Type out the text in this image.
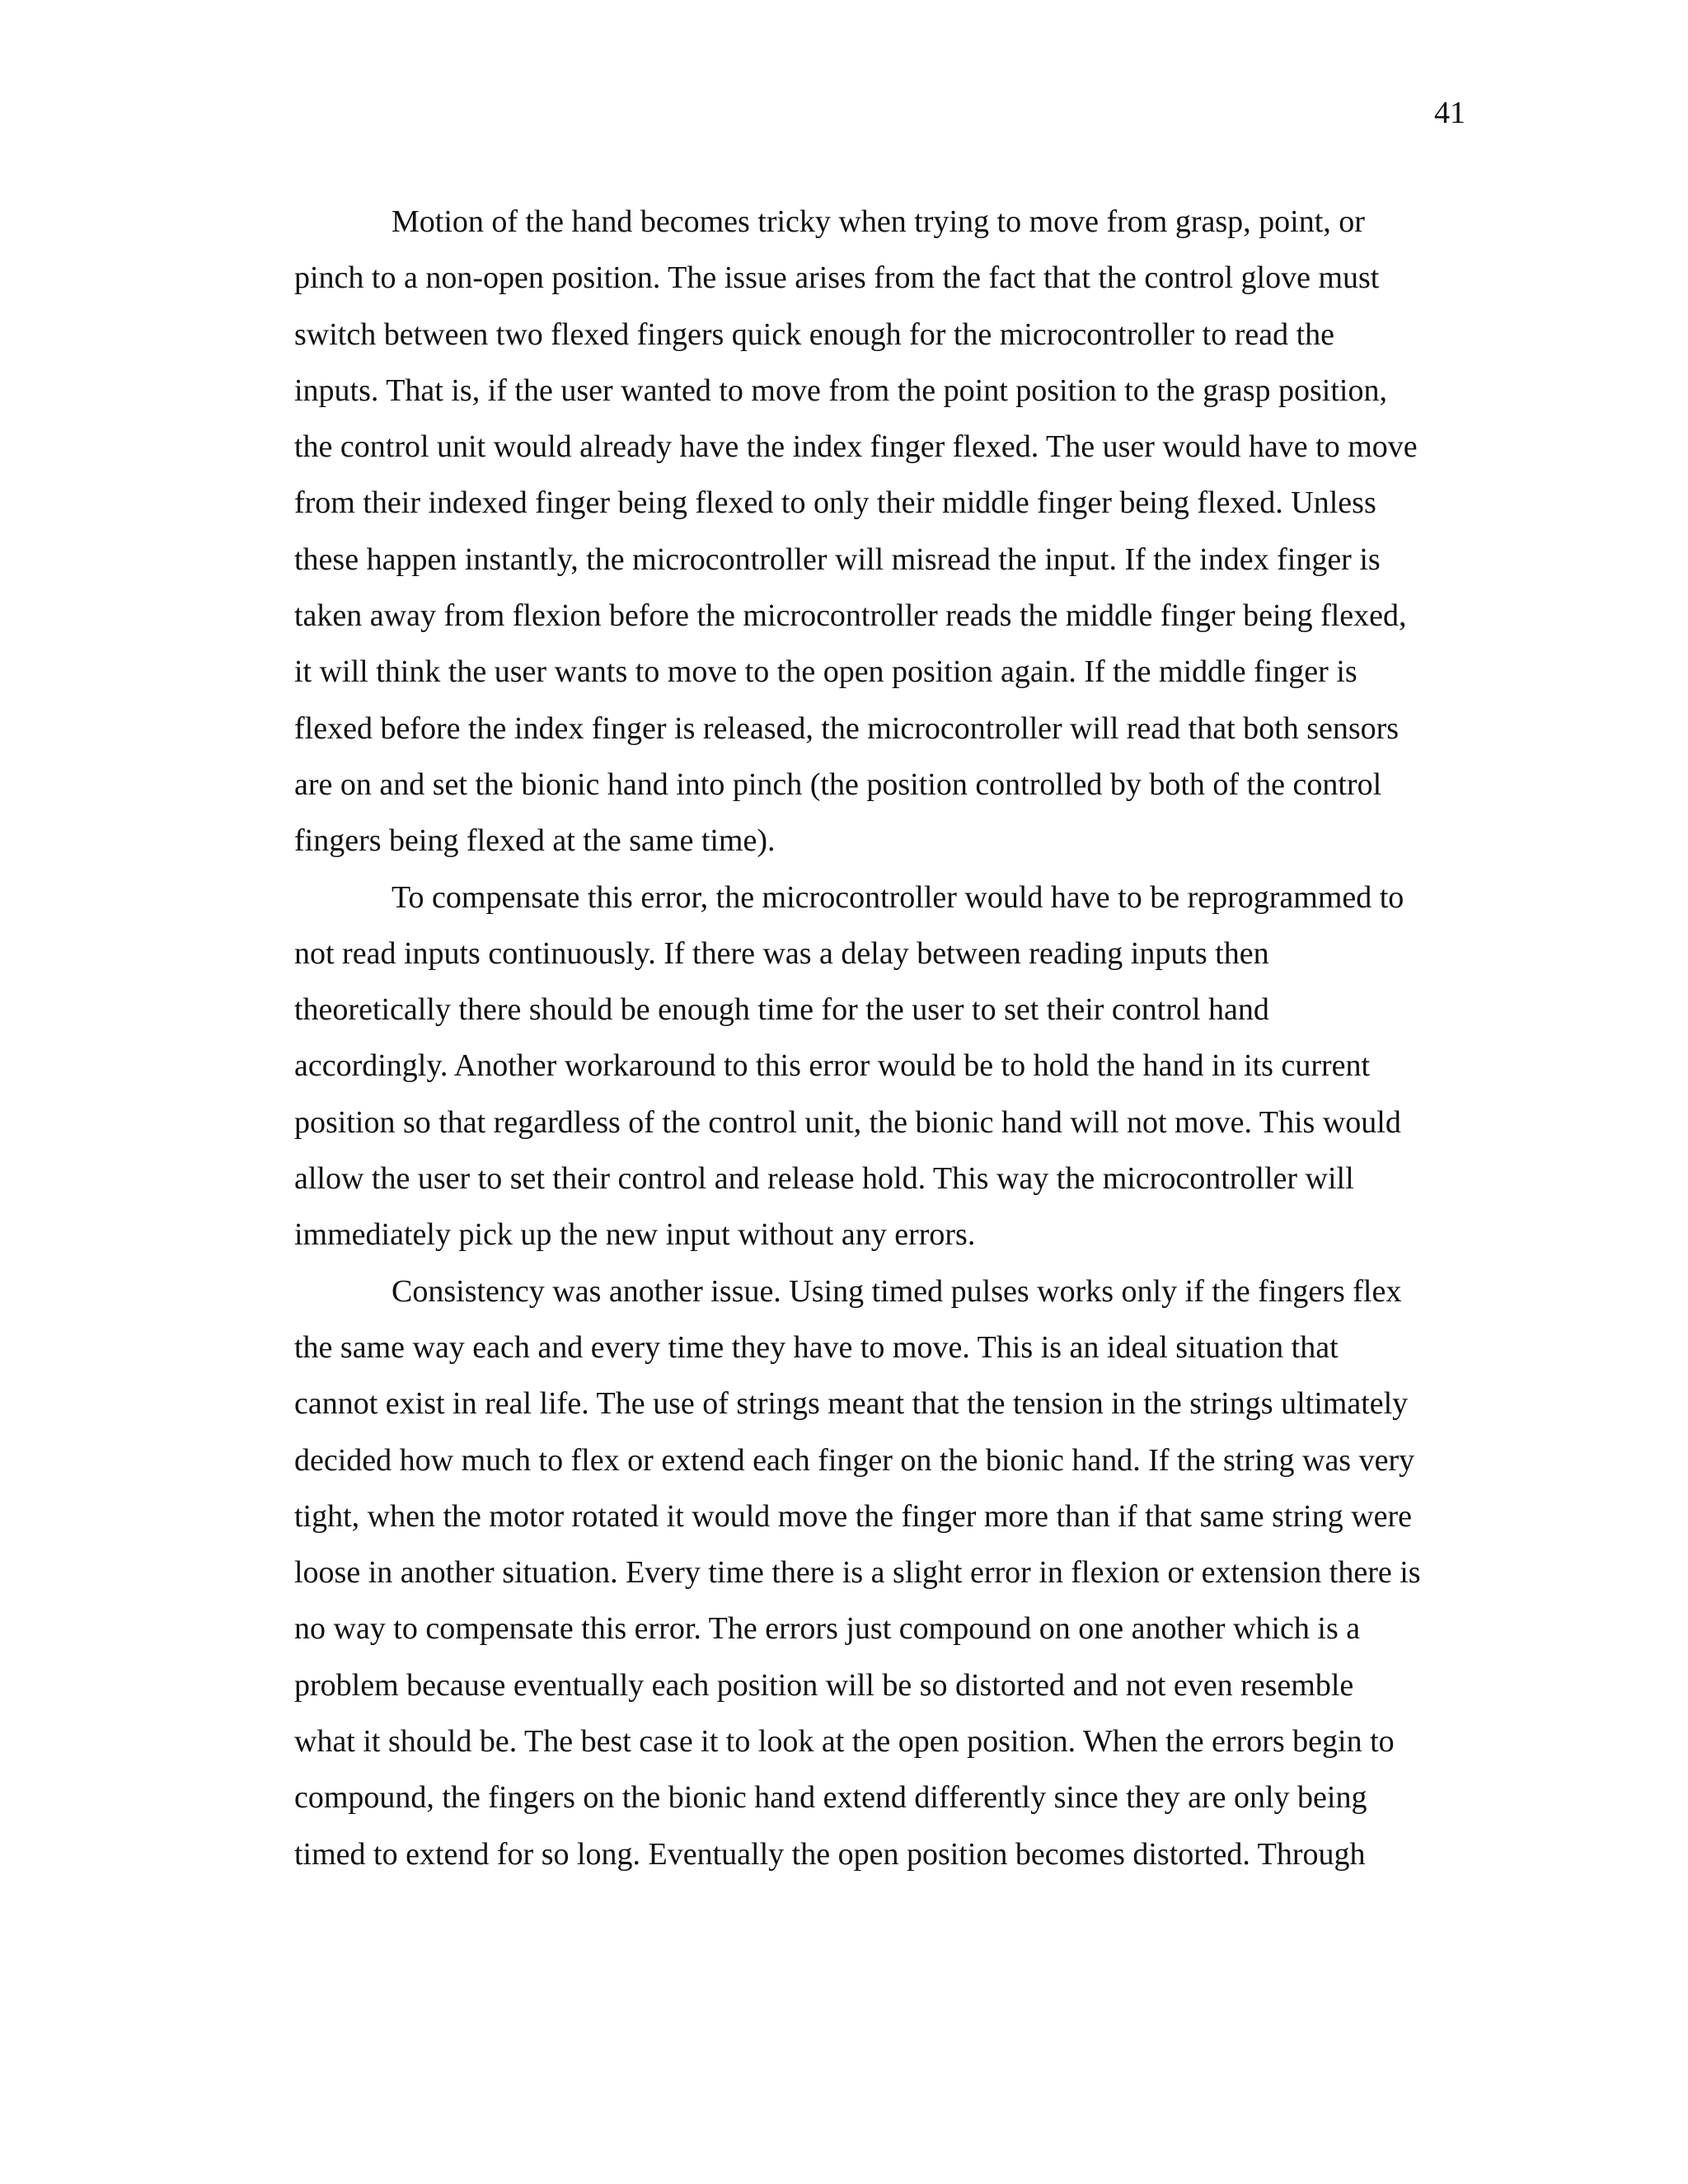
41
Motion of the hand becomes tricky when trying to move from grasp, point, or
pinch to a non-open position. The issue arises from the fact that the control glove must
switch between two flexed fingers quick enough for the microcontroller to read the
inputs. That is, if the user wanted to move from the point position to the grasp position,
the control unit would already have the index finger flexed. The user would have to move
from their indexed finger being flexed to only their middle finger being flexed. Unless
these happen instantly, the microcontroller will misread the input. If the index finger is
taken away from flexion before the microcontroller reads the middle finger being flexed,
it will think the user wants to move to the open position again. If the middle finger is
flexed before the index finger is released, the microcontroller will read that both sensors
are on and set the bionic hand into pinch (the position controlled by both of the control
fingers being flexed at the same time).
To compensate this error, the microcontroller would have to be reprogrammed to
not read inputs continuously. If there was a delay between reading inputs then
theoretically there should be enough time for the user to set their control hand
accordingly. Another workaround to this error would be to hold the hand in its current
position so that regardless of the control unit, the bionic hand will not move. This would
allow the user to set their control and release hold. This way the microcontroller will
immediately pick up the new input without any errors.
Consistency was another issue. Using timed pulses works only if the fingers flex
the same way each and every time they have to move. This is an ideal situation that
cannot exist in real life. The use of strings meant that the tension in the strings ultimately
decided how much to flex or extend each finger on the bionic hand. If the string was very
tight, when the motor rotated it would move the finger more than if that same string were
loose in another situation. Every time there is a slight error in flexion or extension there is
no way to compensate this error. The errors just compound on one another which is a
problem because eventually each position will be so distorted and not even resemble
what it should be. The best case it to look at the open position. When the errors begin to
compound, the fingers on the bionic hand extend differently since they are only being
timed to extend for so long. Eventually the open position becomes distorted. Through
